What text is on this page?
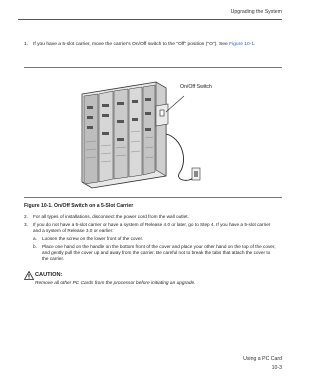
Upgrading the System
1. If you have a 5-slot carrier, move the carrier's On/Off switch to the "Off" position ("O"). See Figure 10-1.
On/Off Switch
Figure 10-1. On/Off Switch on a 5-Slot Carrier
2. For all types of installations, disconnect the power cord from the wall outlet.
3. If you do not have a 5-slot carrier or have a system of Release 4.0 or later, go to Step 4. If you have a 5-slot carrier and a system of Release 3.0 or earlier:
a. Loosen the screw on the lower front of the cover.
b. Place one hand on the handle on the bottom front of the cover and place your other hand on the top of the cover, and gently pull the cover up and away from the carrier. Be careful not to break the tabs that attach the cover to the carrier.
CAUTION:
Remove all other PC Cards from the processor before initiating an upgrade.
Using a PC Card
10-3
